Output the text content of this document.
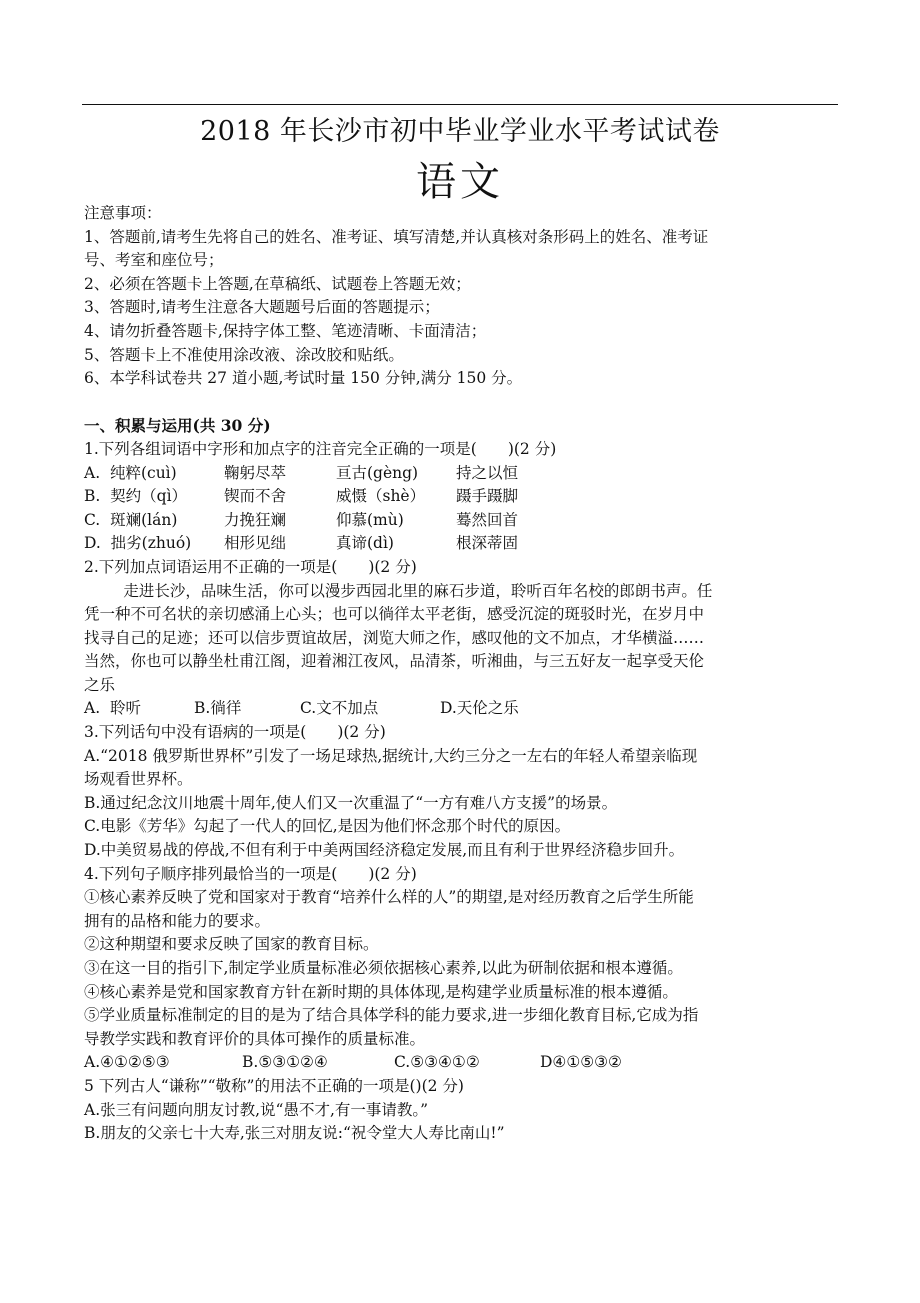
2018 年长沙市初中毕业学业水平考试试卷
语文
注意事项：
1、答题前,请考生先将自己的姓名、准考证、填写清楚,并认真核对条形码上的姓名、准考证
号、考室和座位号；
2、必须在答题卡上答题,在草稿纸、试题卷上答题无效；
3、答题时,请考生注意各大题题号后面的答题提示；
4、请勿折叠答题卡,保持字体工整、笔迹清晰、卡面清洁；
5、答题卡上不准使用涂改液、涂改胶和贴纸。
6、本学科试卷共 27 道小题,考试时量 150 分钟,满分 150 分。
一、积累与运用(共 30 分)
1.下列各组词语中字形和加点字的注音完全正确的一项是(　　)(2 分)
A.  纯粹(cuì)	鞠躬尽萃	亘古(gèng)	持之以恒
B.  契约（qì）	锲而不舍	威慑（shè）	蹑手蹑脚
C.  斑斓(lán)	力挽狂斓	仰慕(mù)	蓦然回首
D.  拙劣(zhuó)	相形见绌	真谛(dì)	根深蒂固
2.下列加点词语运用不正确的一项是(　　)(2 分)
走进长沙，品味生活，你可以漫步西园北里的麻石步道，聆听百年名校的郎朗书声。任
凭一种不可名状的亲切感涌上心头；也可以徜徉太平老街，感受沉淀的斑驳时光，在岁月中
找寻自己的足迹；还可以信步贾谊故居，浏览大师之作，感叹他的文不加点，才华横溢……
当然，你也可以静坐杜甫江阁，迎着湘江夜风，品清茶，听湘曲，与三五好友一起享受天伦
之乐
A.  聆听	B.徜徉	C.文不加点	D.天伦之乐
3.下列话句中没有语病的一项是(　　)(2 分)
A.“2018 俄罗斯世界杯”引发了一场足球热,据统计,大约三分之一左右的年轻人希望亲临现
场观看世界杯。
B.通过纪念汶川地震十周年,使人们又一次重温了“一方有难八方支援”的场景。
C.电影《芳华》勾起了一代人的回忆,是因为他们怀念那个时代的原因。
D.中美贸易战的停战,不但有利于中美两国经济稳定发展,而且有利于世界经济稳步回升。
4.下列句子顺序排列最恰当的一项是(　　)(2 分)
①核心素养反映了党和国家对于教育“培养什么样的人”的期望,是对经历教育之后学生所能
拥有的品格和能力的要求。
②这种期望和要求反映了国家的教育目标。
③在这一目的指引下,制定学业质量标准必须依据核心素养,以此为研制依据和根本遵循。
④核心素养是党和国家教育方针在新时期的具体体现,是构建学业质量标准的根本遵循。
⑤学业质量标准制定的目的是为了结合具体学科的能力要求,进一步细化教育目标,它成为指
导教学实践和教育评价的具体可操作的质量标准。
A.④①②⑤③	B.⑤③①②④	C.⑤③④①②	D④①⑤③②
5 下列古人“谦称”“敬称”的用法不正确的一项是()(2 分)
A.张三有问题向朋友讨教,说“愚不才,有一事请教。”
B.朋友的父亲七十大寿,张三对朋友说:“祝令堂大人寿比南山!”
